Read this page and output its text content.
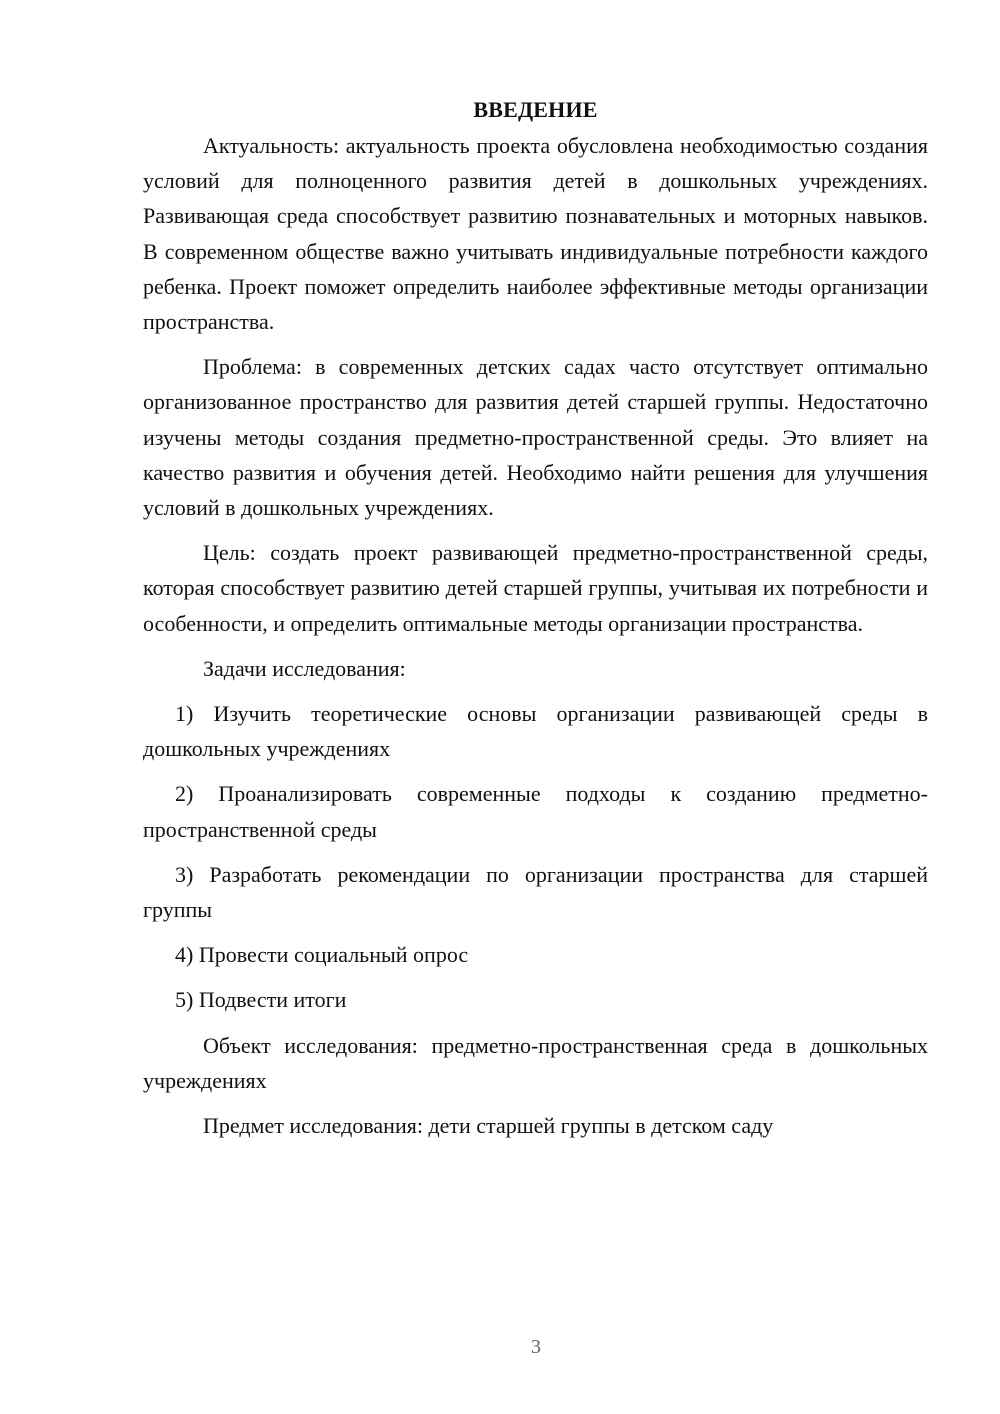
ВВЕДЕНИЕ

Актуальность: актуальность проекта обусловлена необходимостью создания условий для полноценного развития детей в дошкольных учреждениях. Развивающая среда способствует развитию познавательных и моторных навыков. В современном обществе важно учитывать индивидуальные потребности каждого ребенка. Проект поможет определить наиболее эффективные методы организации пространства.

Проблема: в современных детских садах часто отсутствует оптимально организованное пространство для развития детей старшей группы. Недостаточно изучены методы создания предметно-пространственной среды. Это влияет на качество развития и обучения детей. Необходимо найти решения для улучшения условий в дошкольных учреждениях.

Цель: создать проект развивающей предметно-пространственной среды, которая способствует развитию детей старшей группы, учитывая их потребности и особенности, и определить оптимальные методы организации пространства.

Задачи исследования:

1) Изучить теоретические основы организации развивающей среды в дошкольных учреждениях

2) Проанализировать современные подходы к созданию предметно-пространственной среды

3) Разработать рекомендации по организации пространства для старшей группы

4) Провести социальный опрос

5) Подвести итоги

Объект исследования: предметно-пространственная среда в дошкольных учреждениях

Предмет исследования: дети старшей группы в детском саду

3
